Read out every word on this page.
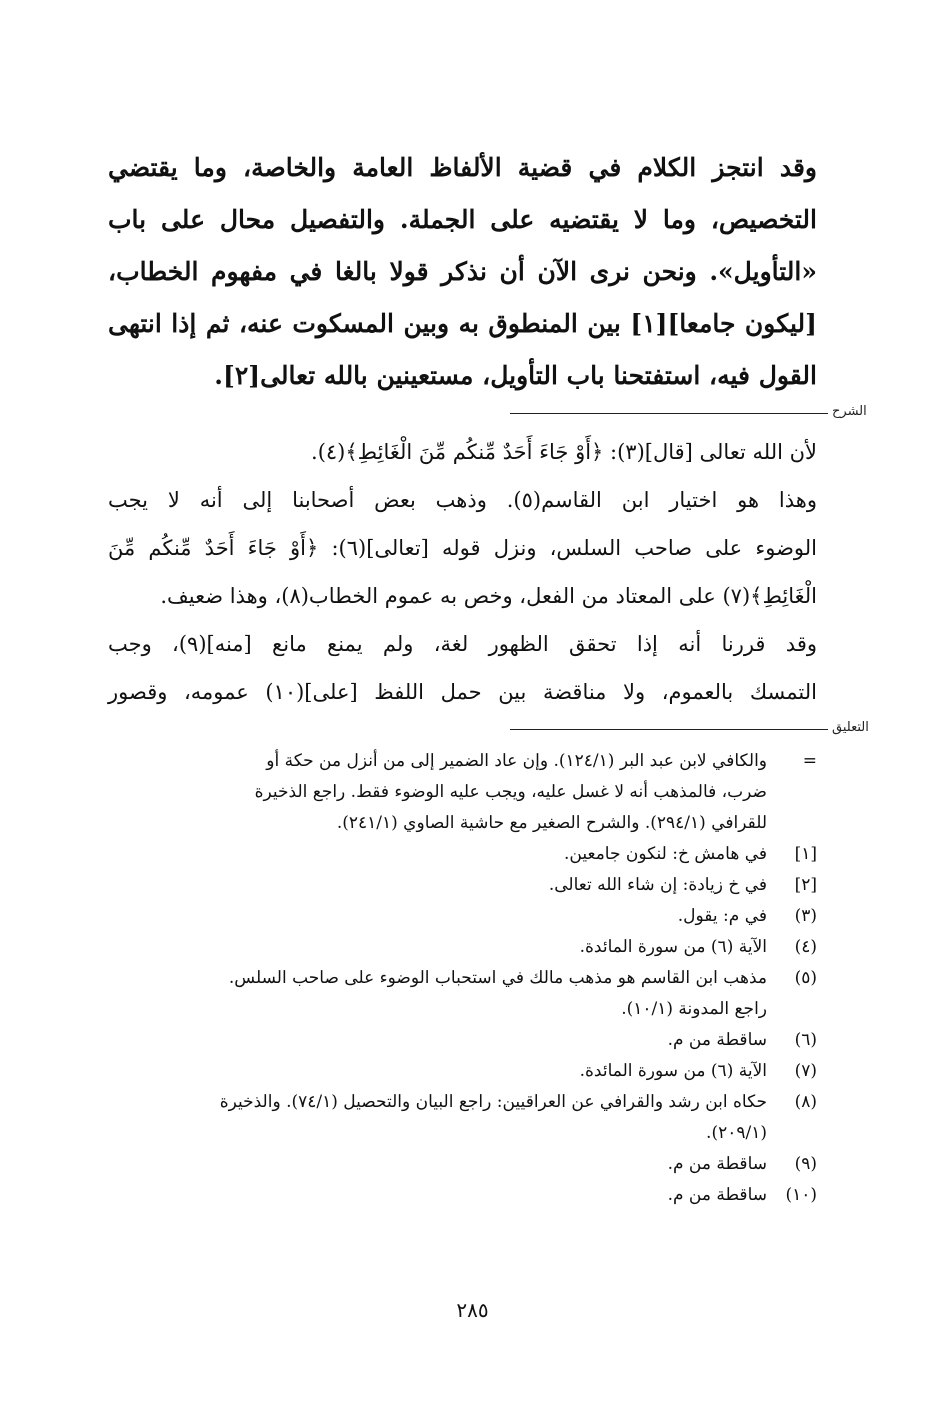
وقد انتجز الكلام في قضية الألفاظ العامة والخاصة، وما يقتضي
التخصيص، وما لا يقتضيه على الجملة. والتفصيل محال على باب
«التأويل». ونحن نرى الآن أن نذكر قولا بالغا في مفهوم الخطاب،
[ليكون جامعا][١] بين المنطوق به وبين المسكوت عنه، ثم إذا انتهى
القول فيه، استفتحنا باب التأويل، مستعينين بالله تعالى[٢].
الشرح
لأن الله تعالى [قال](٣): ﴿أَوْ جَاءَ أَحَدٌ مِّنكُم مِّنَ الْغَائِطِ﴾(٤).
وهذا هو اختيار ابن القاسم(٥). وذهب بعض أصحابنا إلى أنه لا يجب
الوضوء على صاحب السلس، ونزل قوله [تعالى](٦): ﴿أَوْ جَاءَ أَحَدٌ مِّنكُم مِّنَ
الْغَائِطِ﴾(٧) على المعتاد من الفعل، وخص به عموم الخطاب(٨)، وهذا ضعيف.
وقد قررنا أنه إذا تحقق الظهور لغة، ولم يمنع مانع [منه](٩)، وجب
التمسك بالعموم، ولا مناقضة بين حمل اللفظ [على](١٠) عمومه، وقصور
التعليق
=
والكافي لابن عبد البر (١٢٤/١). وإن عاد الضمير إلى من أنزل من حكة أو
ضرب، فالمذهب أنه لا غسل عليه، ويجب عليه الوضوء فقط. راجع الذخيرة
للقرافي (٢٩٤/١). والشرح الصغير مع حاشية الصاوي (٢٤١/١).
[١]
في هامش خ: لنكون جامعين.
[٢]
في خ زيادة: إن شاء الله تعالى.
(٣)
في م: يقول.
(٤)
الآية (٦) من سورة المائدة.
(٥)
مذهب ابن القاسم هو مذهب مالك في استحباب الوضوء على صاحب السلس.
راجع المدونة (١٠/١).
(٦)
ساقطة من م.
(٧)
الآية (٦) من سورة المائدة.
(٨)
حكاه ابن رشد والقرافي عن العراقيين: راجع البيان والتحصيل (٧٤/١). والذخيرة
(٢٠٩/١).
(٩)
ساقطة من م.
(١٠)
ساقطة من م.
٢٨٥
